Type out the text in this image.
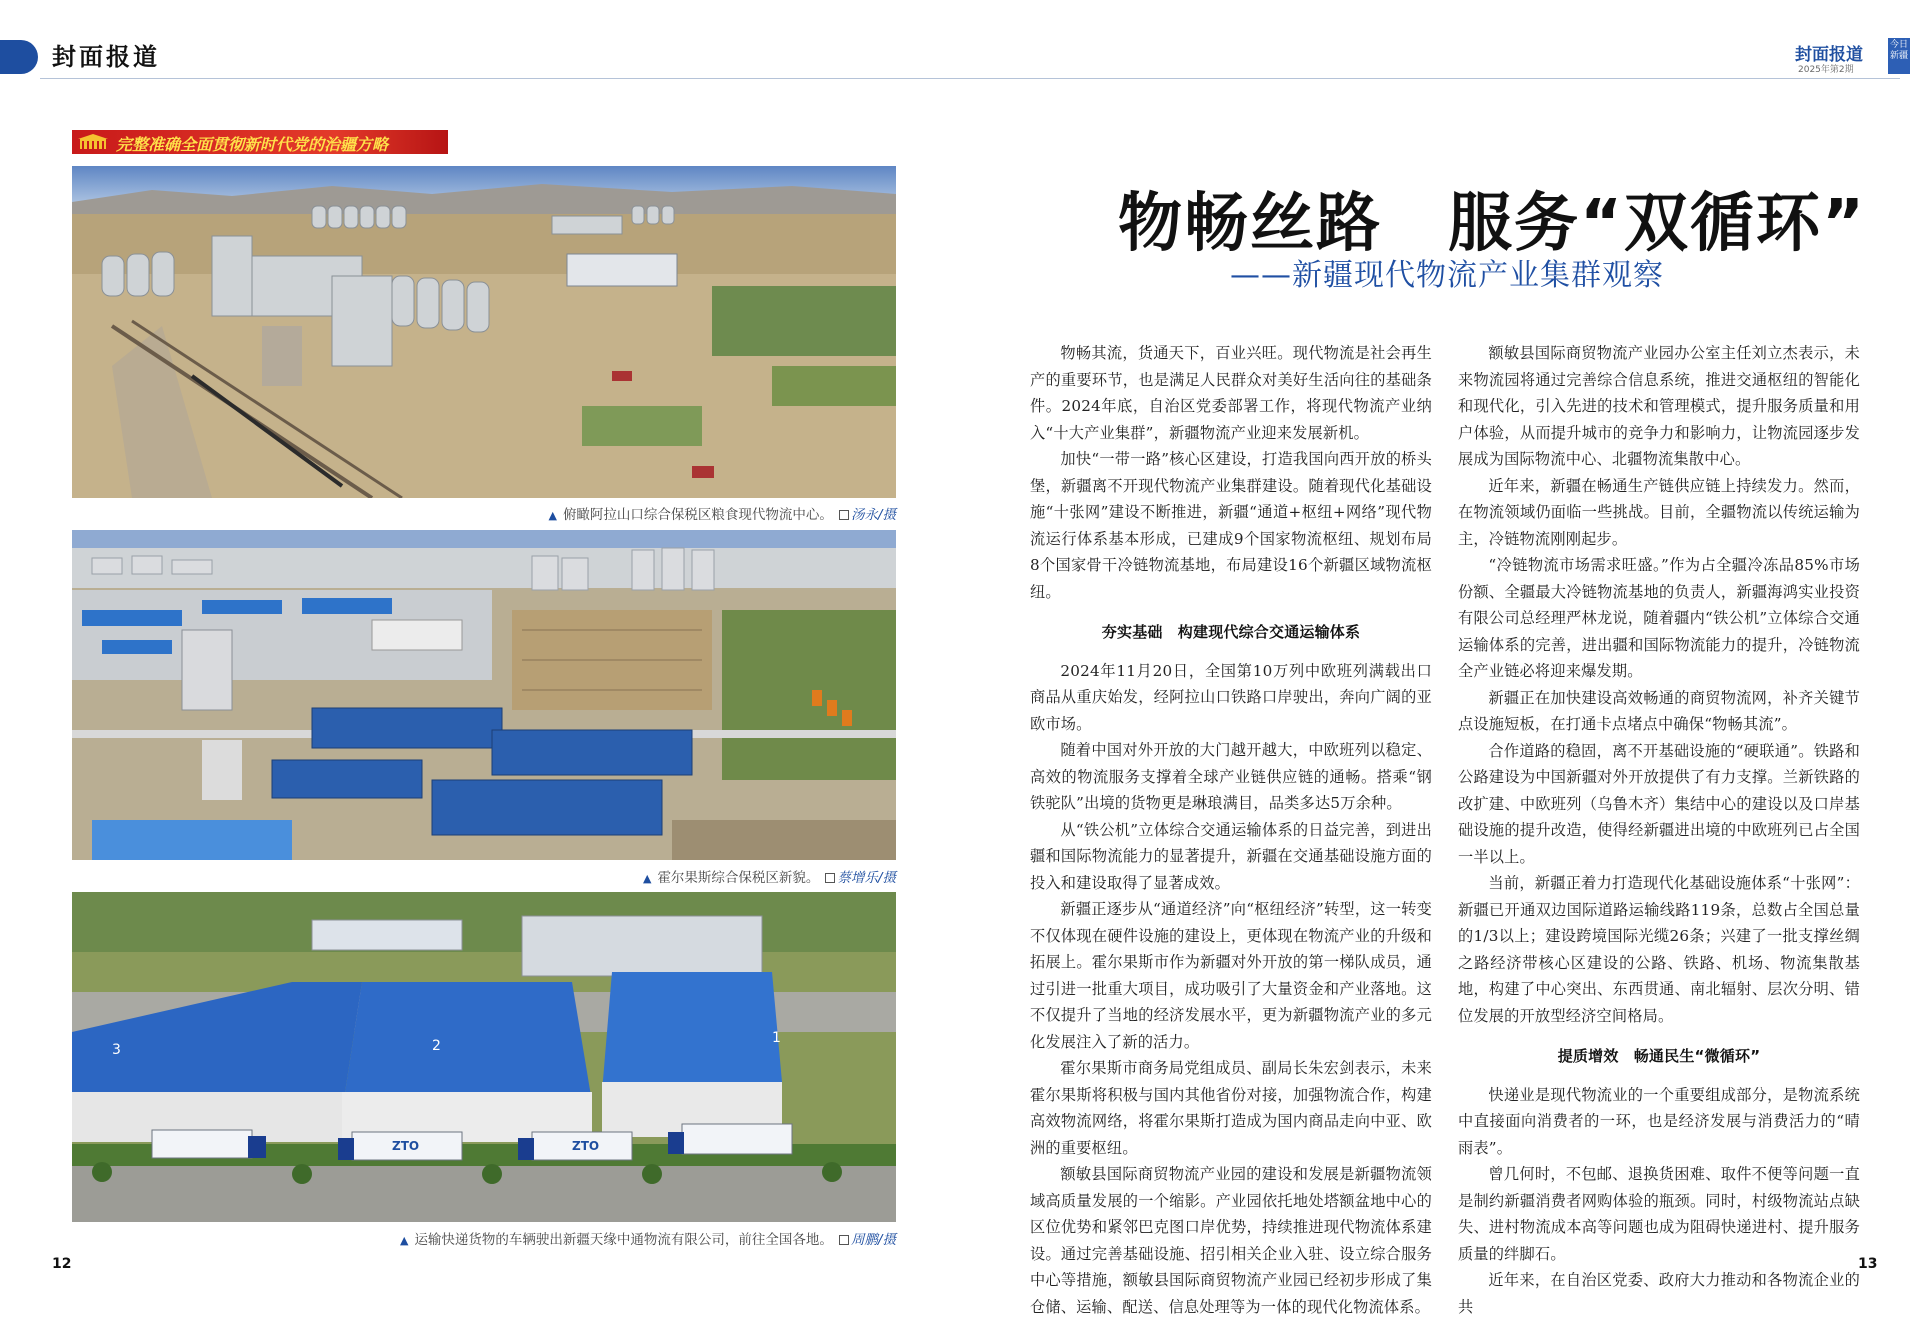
封面报道	封面报道
2025年第2期
今日
新疆
完整准确全面贯彻新时代党的治疆方略
▲ 俯瞰阿拉山口综合保税区粮食现代物流中心。 汤永/摄
▲ 霍尔果斯综合保税区新貌。 蔡增乐/摄
3	2	1
ZTO	ZTO
▲ 运输快递货物的车辆驶出新疆天缘中通物流有限公司，前往全国各地。 周鹏/摄
物畅丝路　服务“双循环”
——新疆现代物流产业集群观察

物畅其流，货通天下，百业兴旺。现代物流是社会再生产的重要环节，也是满足人民群众对美好生活向往的基础条件。2024年底，自治区党委部署工作，将现代物流产业纳入“十大产业集群”，新疆物流产业迎来发展新机。

加快“一带一路”核心区建设，打造我国向西开放的桥头堡，新疆离不开现代物流产业集群建设。随着现代化基础设施“十张网”建设不断推进，新疆“通道+枢纽+网络”现代物流运行体系基本形成，已建成9个国家物流枢纽、规划布局8个国家骨干冷链物流基地，布局建设16个新疆区域物流枢纽。

夯实基础　构建现代综合交通运输体系

2024年11月20日，全国第10万列中欧班列满载出口商品从重庆始发，经阿拉山口铁路口岸驶出，奔向广阔的亚欧市场。

随着中国对外开放的大门越开越大，中欧班列以稳定、高效的物流服务支撑着全球产业链供应链的通畅。搭乘“钢铁驼队”出境的货物更是琳琅满目，品类多达5万余种。

从“铁公机”立体综合交通运输体系的日益完善，到进出疆和国际物流能力的显著提升，新疆在交通基础设施方面的投入和建设取得了显著成效。

新疆正逐步从“通道经济”向“枢纽经济”转型，这一转变不仅体现在硬件设施的建设上，更体现在物流产业的升级和拓展上。霍尔果斯市作为新疆对外开放的第一梯队成员，通过引进一批重大项目，成功吸引了大量资金和产业落地。这不仅提升了当地的经济发展水平，更为新疆物流产业的多元化发展注入了新的活力。

霍尔果斯市商务局党组成员、副局长朱宏剑表示，未来霍尔果斯将积极与国内其他省份对接，加强物流合作，构建高效物流网络，将霍尔果斯打造成为国内商品走向中亚、欧洲的重要枢纽。

额敏县国际商贸物流产业园的建设和发展是新疆物流领域高质量发展的一个缩影。产业园依托地处塔额盆地中心的区位优势和紧邻巴克图口岸优势，持续推进现代物流体系建设。通过完善基础设施、招引相关企业入驻、设立综合服务中心等措施，额敏县国际商贸物流产业园已经初步形成了集仓储、运输、配送、信息处理等为一体的现代化物流体系。

额敏县国际商贸物流产业园办公室主任刘立杰表示，未来物流园将通过完善综合信息系统，推进交通枢纽的智能化和现代化，引入先进的技术和管理模式，提升服务质量和用户体验，从而提升城市的竞争力和影响力，让物流园逐步发展成为国际物流中心、北疆物流集散中心。

近年来，新疆在畅通生产链供应链上持续发力。然而，在物流领域仍面临一些挑战。目前，全疆物流以传统运输为主，冷链物流刚刚起步。

“冷链物流市场需求旺盛。”作为占全疆冷冻品85%市场份额、全疆最大冷链物流基地的负责人，新疆海鸿实业投资有限公司总经理严林龙说，随着疆内“铁公机”立体综合交通运输体系的完善，进出疆和国际物流能力的提升，冷链物流全产业链必将迎来爆发期。

新疆正在加快建设高效畅通的商贸物流网，补齐关键节点设施短板，在打通卡点堵点中确保“物畅其流”。

合作道路的稳固，离不开基础设施的“硬联通”。铁路和公路建设为中国新疆对外开放提供了有力支撑。兰新铁路的改扩建、中欧班列（乌鲁木齐）集结中心的建设以及口岸基础设施的提升改造，使得经新疆进出境的中欧班列已占全国一半以上。

当前，新疆正着力打造现代化基础设施体系“十张网”：新疆已开通双边国际道路运输线路119条，总数占全国总量的1/3以上；建设跨境国际光缆26条；兴建了一批支撑丝绸之路经济带核心区建设的公路、铁路、机场、物流集散基地，构建了中心突出、东西贯通、南北辐射、层次分明、错位发展的开放型经济空间格局。

提质增效　畅通民生“微循环”

快递业是现代物流业的一个重要组成部分，是物流系统中直接面向消费者的一环，也是经济发展与消费活力的“晴雨表”。

曾几何时，不包邮、退换货困难、取件不便等问题一直是制约新疆消费者网购体验的瓶颈。同时，村级物流站点缺失、进村物流成本高等问题也成为阻碍快递进村、提升服务质量的绊脚石。

近年来，在自治区党委、政府大力推动和各物流企业的共

12	13
